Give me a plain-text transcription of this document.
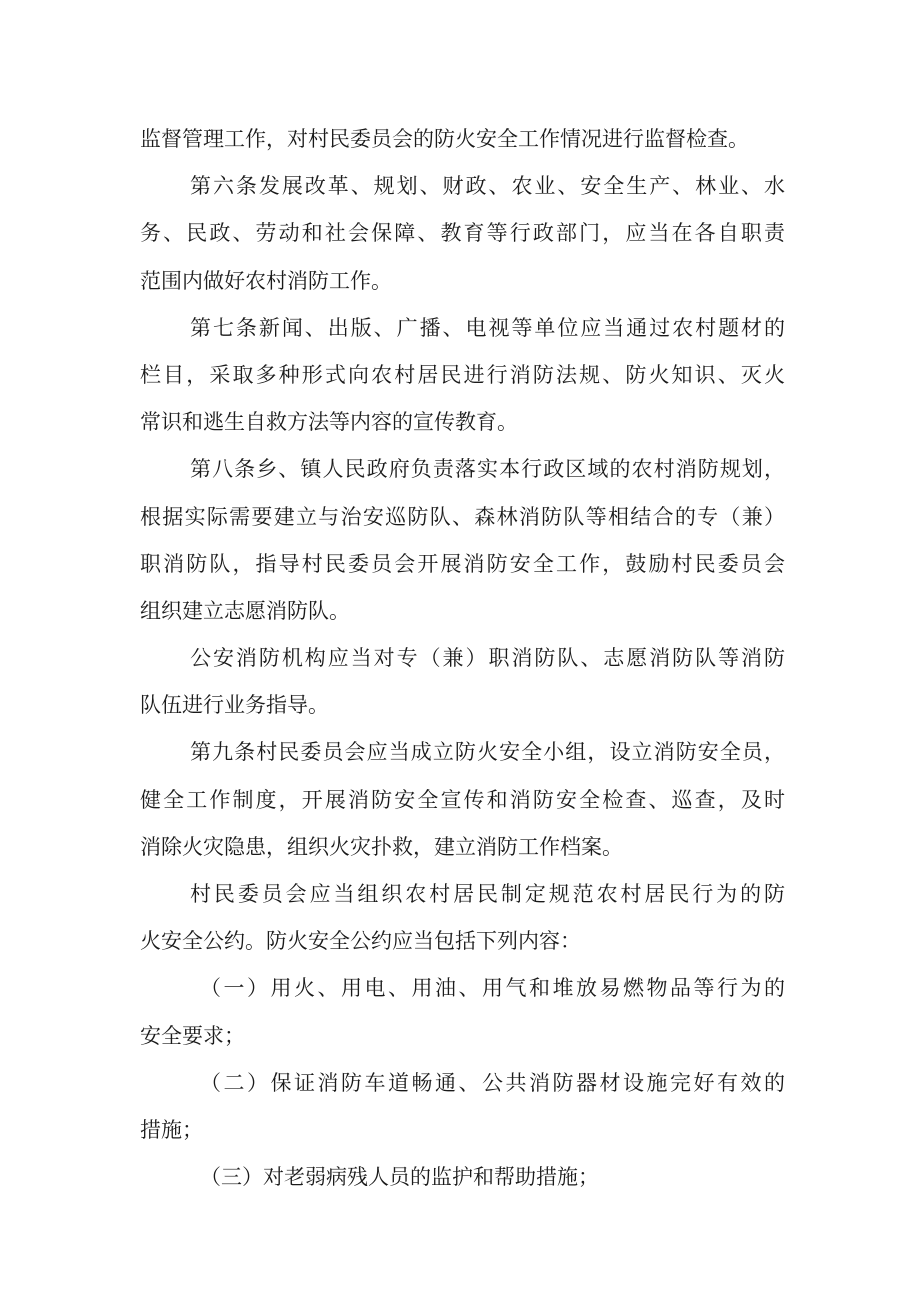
监督管理工作，对村民委员会的防火安全工作情况进行监督检查。
第六条发展改革、规划、财政、农业、安全生产、林业、水
务、民政、劳动和社会保障、教育等行政部门，应当在各自职责
范围内做好农村消防工作。
第七条新闻、出版、广播、电视等单位应当通过农村题材的
栏目，采取多种形式向农村居民进行消防法规、防火知识、灭火
常识和逃生自救方法等内容的宣传教育。
第八条乡、镇人民政府负责落实本行政区域的农村消防规划，
根据实际需要建立与治安巡防队、森林消防队等相结合的专（兼）
职消防队，指导村民委员会开展消防安全工作，鼓励村民委员会
组织建立志愿消防队。
公安消防机构应当对专（兼）职消防队、志愿消防队等消防
队伍进行业务指导。
第九条村民委员会应当成立防火安全小组，设立消防安全员，
健全工作制度，开展消防安全宣传和消防安全检查、巡查，及时
消除火灾隐患，组织火灾扑救，建立消防工作档案。
村民委员会应当组织农村居民制定规范农村居民行为的防
火安全公约。防火安全公约应当包括下列内容：
（一）用火、用电、用油、用气和堆放易燃物品等行为的
安全要求；
（二）保证消防车道畅通、公共消防器材设施完好有效的
措施；
（三）对老弱病残人员的监护和帮助措施；
